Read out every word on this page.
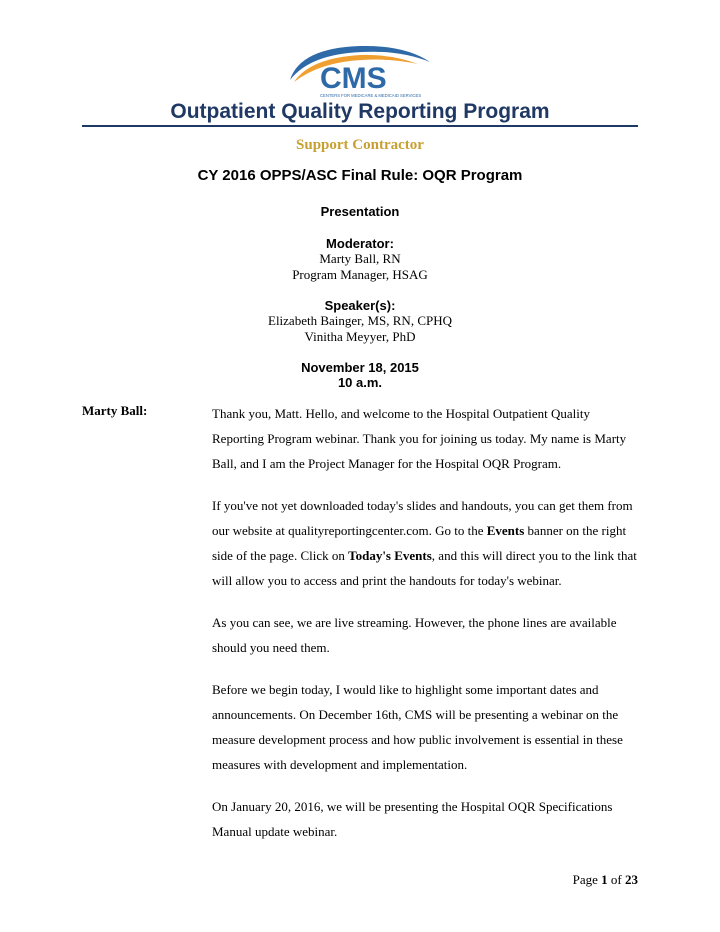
CMS
CENTERS FOR MEDICARE & MEDICAID SERVICES
Outpatient Quality Reporting Program
Support Contractor
CY 2016 OPPS/ASC Final Rule: OQR Program
Presentation
Moderator:
Marty Ball, RN
Program Manager, HSAG
Speaker(s):
Elizabeth Bainger, MS, RN, CPHQ
Vinitha Meyyer, PhD
November 18, 2015
10 a.m.
Marty Ball:	Thank you, Matt. Hello, and welcome to the Hospital Outpatient Quality Reporting Program webinar. Thank you for joining us today. My name is Marty Ball, and I am the Project Manager for the Hospital OQR Program.

If you've not yet downloaded today's slides and handouts, you can get them from our website at qualityreportingcenter.com. Go to the Events banner on the right side of the page. Click on Today's Events, and this will direct you to the link that will allow you to access and print the handouts for today's webinar.

As you can see, we are live streaming. However, the phone lines are available should you need them.

Before we begin today, I would like to highlight some important dates and announcements. On December 16th, CMS will be presenting a webinar on the measure development process and how public involvement is essential in these measures with development and implementation.

On January 20, 2016, we will be presenting the Hospital OQR Specifications Manual update webinar.

Page 1 of 23
